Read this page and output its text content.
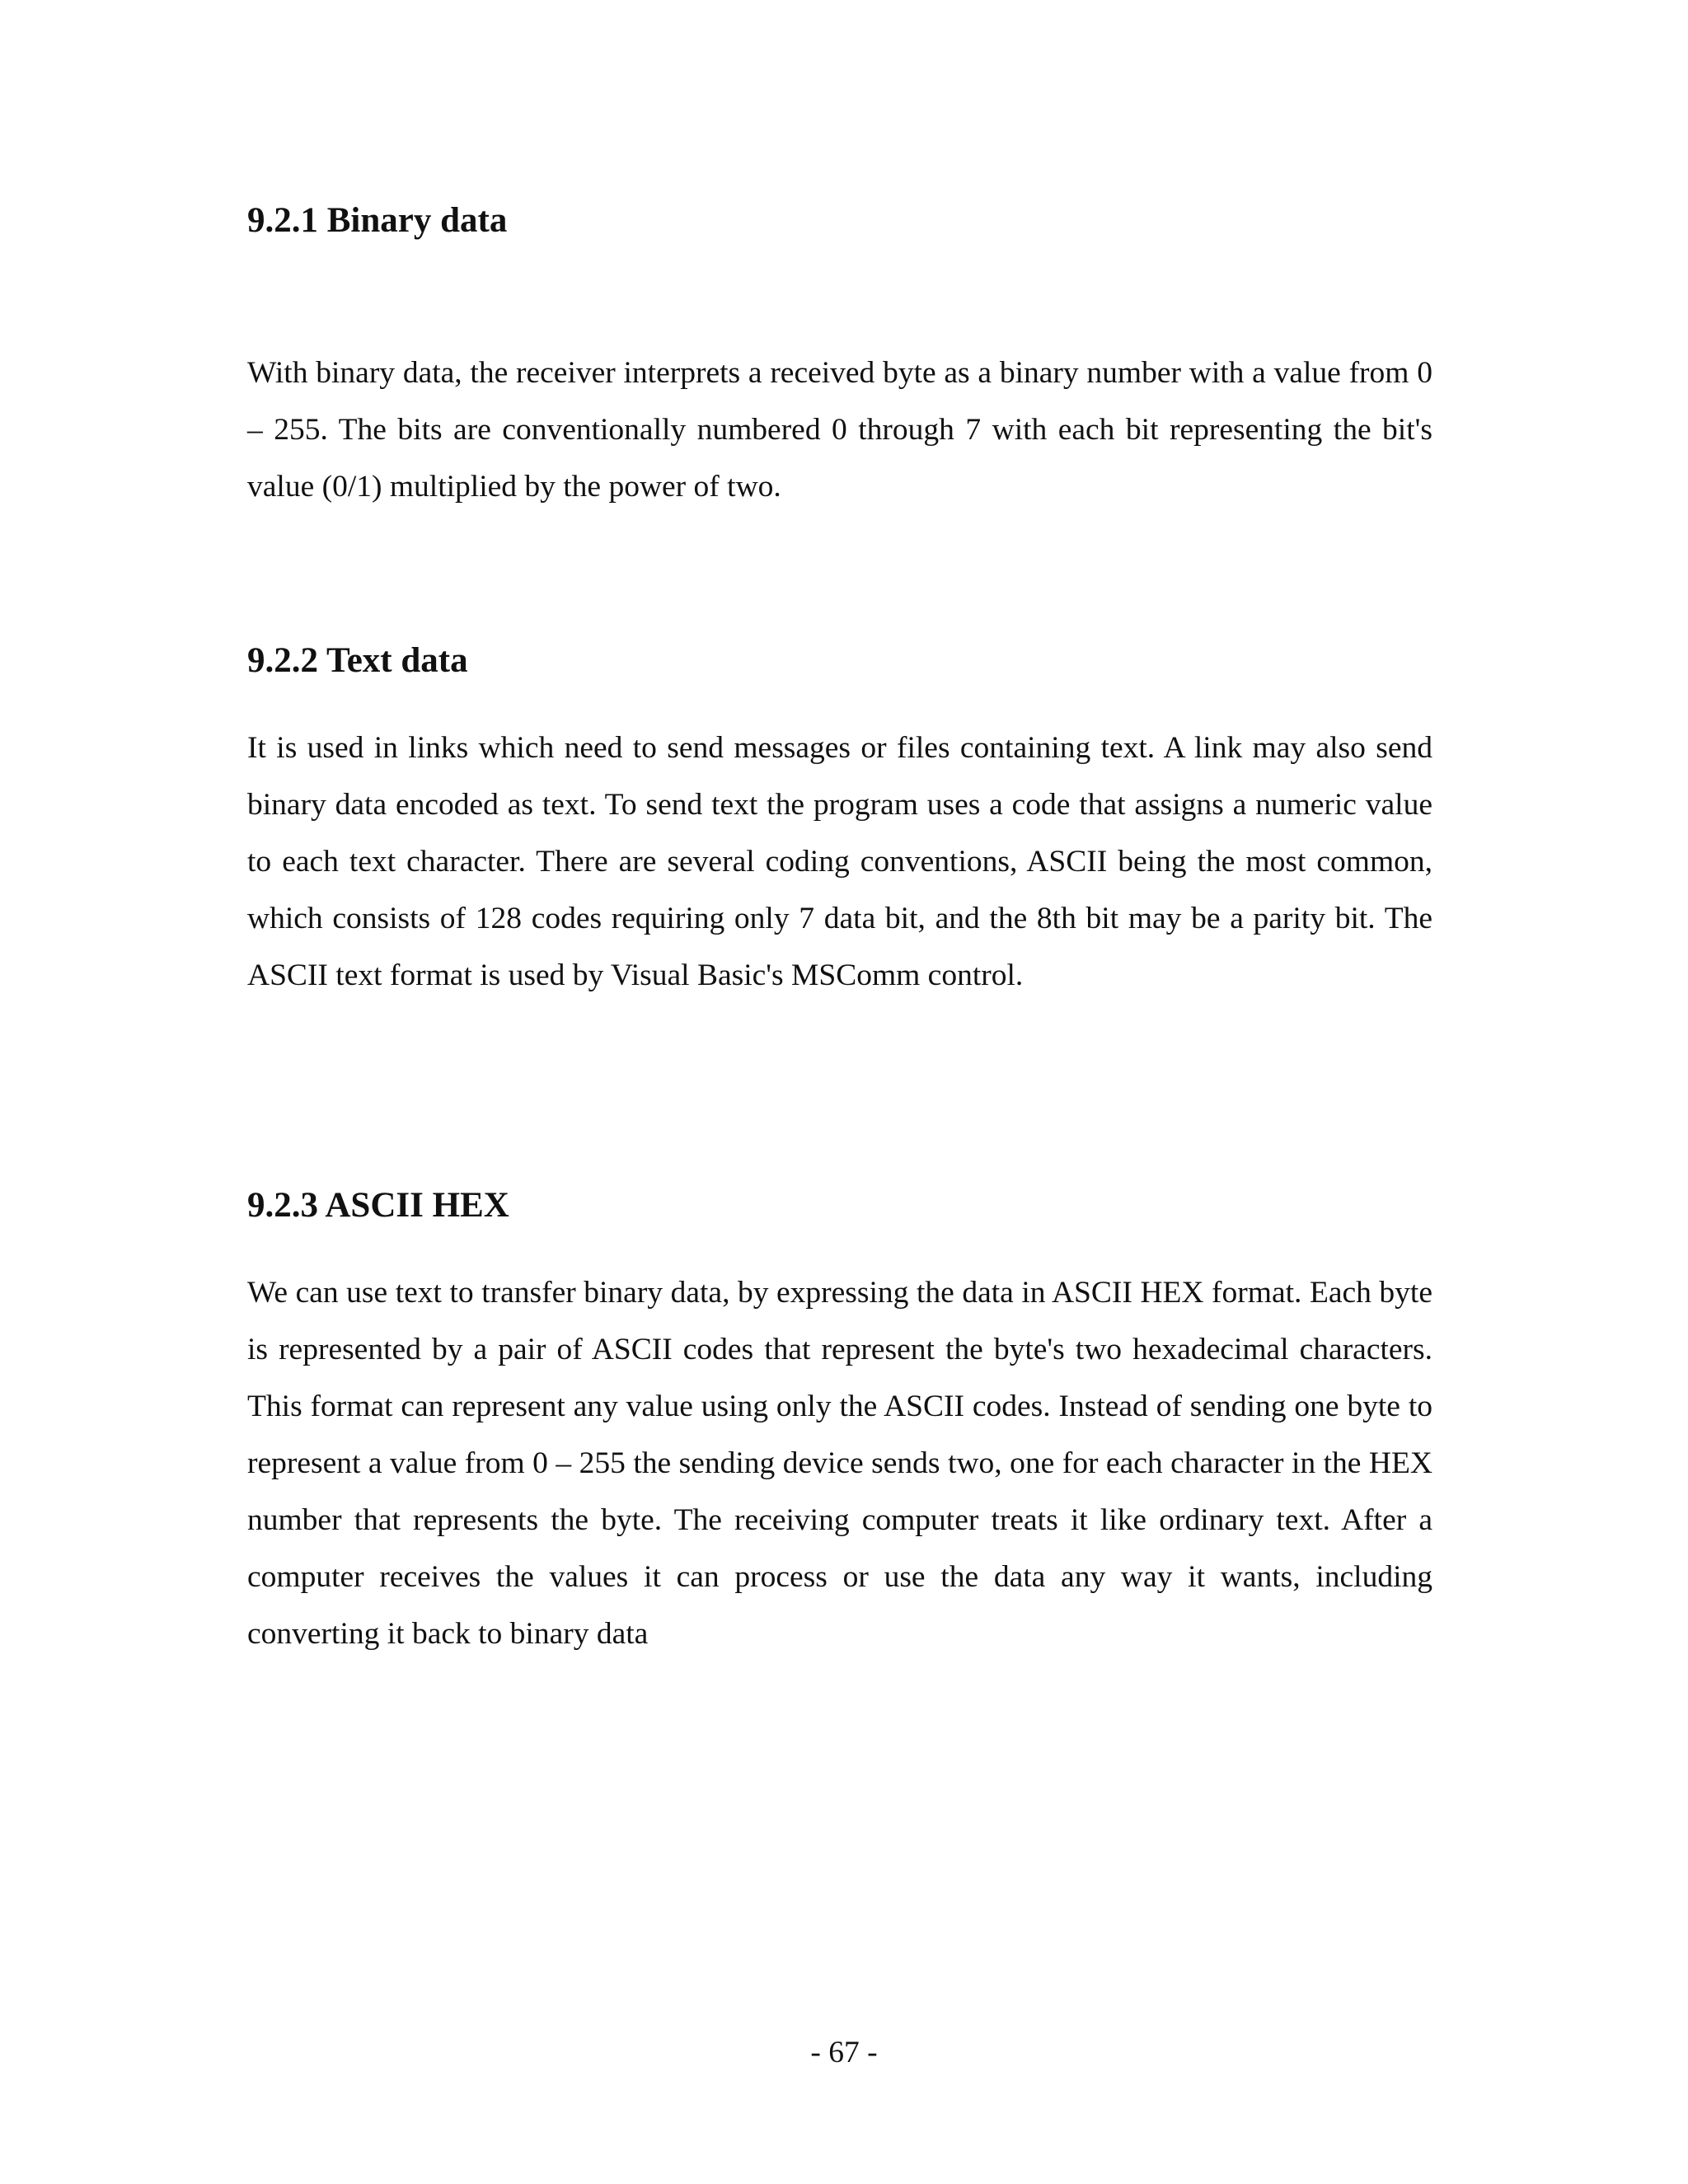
9.2.1 Binary data

With binary data, the receiver interprets a received byte as a binary number with a value from 0 – 255. The bits are conventionally numbered 0 through 7 with each bit representing the bit's value (0/1) multiplied by the power of two.

9.2.2 Text data

It is used in links which need to send messages or files containing text. A link may also send binary data encoded as text. To send text the program uses a code that assigns a numeric value to each text character. There are several coding conventions, ASCII being the most common, which consists of 128 codes requiring only 7 data bit, and the 8th bit may be a parity bit. The ASCII text format is used by Visual Basic's MSComm control.

9.2.3 ASCII HEX

We can use text to transfer binary data, by expressing the data in ASCII HEX format. Each byte is represented by a pair of ASCII codes that represent the byte's two hexadecimal characters. This format can represent any value using only the ASCII codes. Instead of sending one byte to represent a value from 0 – 255 the sending device sends two, one for each character in the HEX number that represents the byte. The receiving computer treats it like ordinary text. After a computer receives the values it can process or use the data any way it wants, including converting it back to binary data

- 67 -
